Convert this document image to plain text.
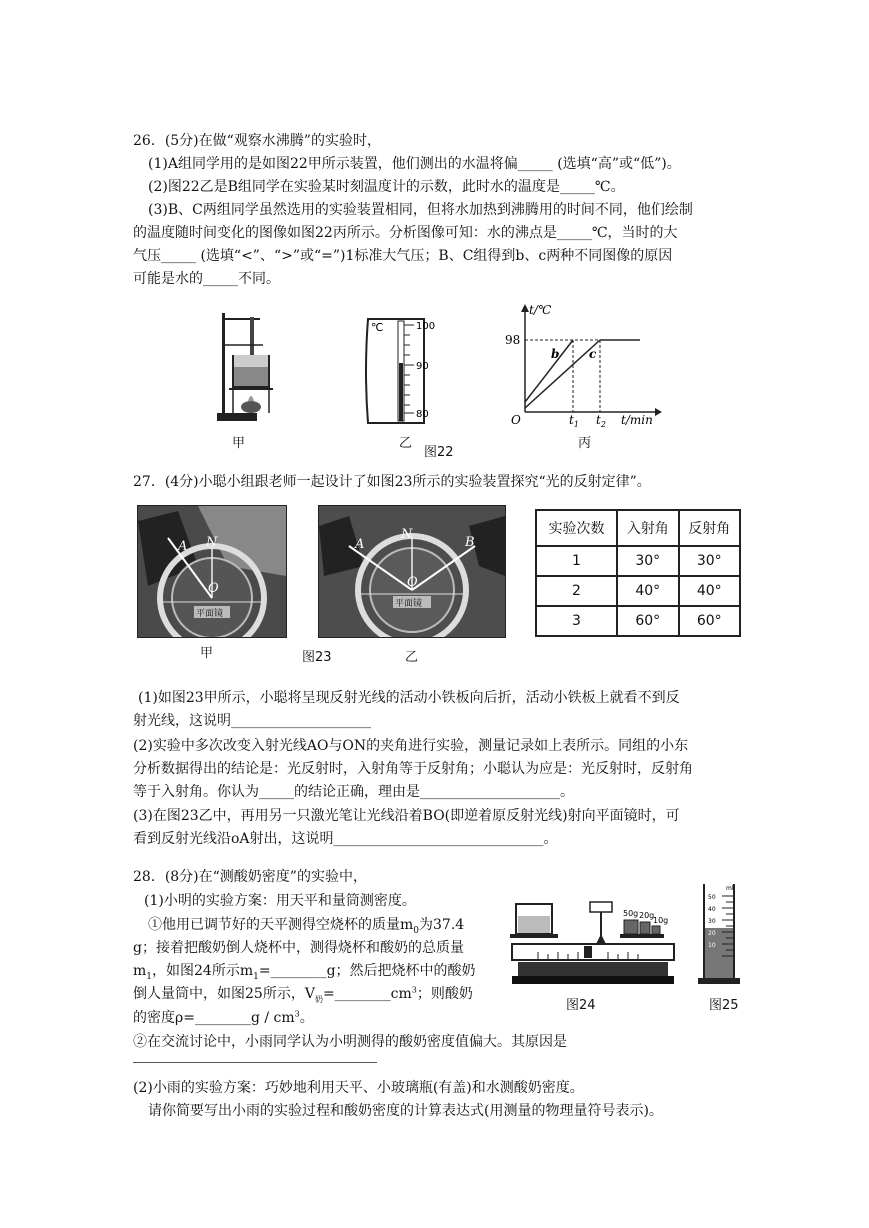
26．(5分)在做“观察水沸腾”的实验时，
(1)A组同学用的是如图22甲所示装置，他们测出的水温将偏_____ (选填“高”或“低”)。
(2)图22乙是B组同学在实验某时刻温度计的示数，此时水的温度是_____℃。
(3)B、C两组同学虽然选用的实验装置相同，但将水加热到沸腾用的时间不同，他们绘制
的温度随时间变化的图像如图22丙所示。分析图像可知：水的沸点是_____℃，当时的大
气压_____ (选填“<”、“>”或“=”)1标准大气压；B、C组得到b、c两种不同图像的原因
可能是水的_____不同。
甲
℃	100
90
80
乙
图22
t/℃
98
O
b c
$t_1$ $t_2$ t/min
丙
27．(4分)小聪小组跟老师一起设计了如图23所示的实验装置探究“光的反射定律”。
平面镜
A N
O
甲	图23
平面镜
A
N
B
O
乙
实验次数	入射角	反射角
1	30°	30°
2	40°	40°
3	60°	60°
(1)如图23甲所示，小聪将呈现反射光线的活动小铁板向后折，活动小铁板上就看不到反
射光线，这说明____________________
(2)实验中多次改变入射光线AO与ON的夹角进行实验，测量记录如上表所示。同组的小东
分析数据得出的结论是：光反射时，入射角等于反射角；小聪认为应是：光反射时，反射角
等于入射角。你认为_____的结论正确，理由是____________________。
(3)在图23乙中，再用另一只激光笔让光线沿着BO(即逆着原反射光线)射向平面镜时，可
看到反射光线沿oA射出，这说明______________________________。
28．(8分)在“测酸奶密度”的实验中，
(1)小明的实验方案：用天平和量筒测密度。
①他用已调节好的天平测得空烧杯的质量$m_0$为37.4
g；接着把酸奶倒人烧杯中，测得烧杯和酸奶的总质量
$m_1$，如图24所示$m_1=\_\_\_\_\_\_\_\_g$；然后把烧杯中的酸奶
倒人量筒中，如图25所示，$V_奶=\_\_\_\_\_\_\_\_cm^3$；则酸奶
的密度ρ=________g / $cm^3$。
②在交流讨论中，小雨同学认为小明测得的酸奶密度值偏大。其原因是
50g 20g
10g
图24
ml
50
40
30
20
10
图25
(2)小雨的实验方案：巧妙地利用天平、小玻璃瓶(有盖)和水测酸奶密度。
请你简要写出小雨的实验过程和酸奶密度的计算表达式(用测量的物理量符号表示)。
